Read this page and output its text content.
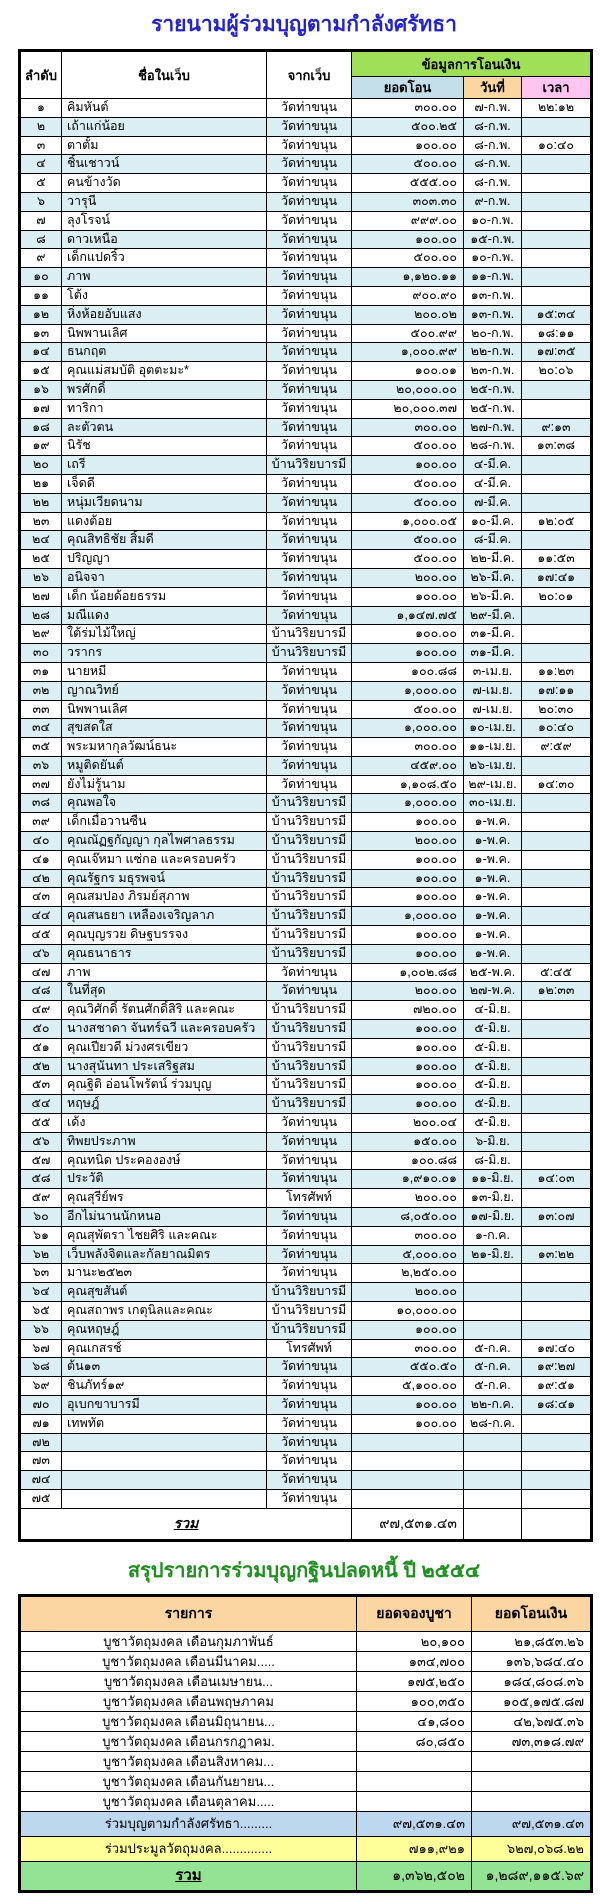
รายนามผู้ร่วมบุญตามกำลังศรัทธา
ลำดับ	ชื่อในเว็บ	จากเว็บ	ข้อมูลการโอนเงิน		
			ยอดโอน	วันที่	เวลา
๑	คิมหันต์	วัดท่าขนุน	๓๐๐.๐๐	๗-ก.พ.	๒๒:๑๒
๒	เถ้าแก่น้อย	วัดท่าขนุน	๕๐๐.๒๕	๘-ก.พ.	
๓	ตาตั้ม	วัดท่าขนุน	๑๐๐.๐๐	๘-ก.พ.	๑๐:๔๐
๔	ชิ้นเชาวน์	วัดท่าขนุน	๕๐๐.๐๐	๘-ก.พ.	
๕	คนข้างวัด	วัดท่าขนุน	๕๕๕.๐๐	๘-ก.พ.	
๖	วารุนี	วัดท่าขนุน	๓๐๓.๓๐	๙-ก.พ.	
๗	ลุงโรจน์	วัดท่าขนุน	๙๙๙.๐๐	๑๐-ก.พ.	
๘	ดาวเหนือ	วัดท่าขนุน	๑๐๐.๐๐	๑๕-ก.พ.	
๙	เด็กแปดริ้ว	วัดท่าขนุน	๕๐๐.๐๐	๑๐-ก.พ.	
๑๐	ภาพ	วัดท่าขนุน	๑,๑๒๐.๑๑	๑๑-ก.พ.	
๑๑	โต้ง	วัดท่าขนุน	๙๐๐.๙๐	๑๓-ก.พ.	
๑๒	หิ่งห้อยอับแสง	วัดท่าขนุน	๒๐๐.๐๒	๑๓-ก.พ.	๑๕:๓๔
๑๓	นิพพานเลิศ	วัดท่าขนุน	๕๐๐.๙๙	๒๐-ก.พ.	๑๘:๑๑
๑๔	ธนกฤต	วัดท่าขนุน	๑,๐๐๐.๙๙	๒๒-ก.พ.	๑๗:๓๕
๑๕	คุณแม่สมบัติ อุตตะมะ*	วัดท่าขนุน	๑๐๐.๐๑	๒๓-ก.พ.	๒๐:๐๖
๑๖	พรศักดิ์	วัดท่าขนุน	๒๐,๐๐๐.๐๐	๒๕-ก.พ.	
๑๗	ทาริกา	วัดท่าขนุน	๒๐,๐๐๐.๓๗	๒๕-ก.พ.	
๑๘	ละตัวตน	วัดท่าขนุน	๓๐๐.๐๐	๒๗-ก.พ.	๙:๑๓
๑๙	นิรัช	วัดท่าขนุน	๕๐๐.๐๐	๒๘-ก.พ.	๑๓:๓๘
๒๐	เถรี	บ้านวิริยบารมี	๑๐๐.๐๐	๔-มี.ค.	
๒๑	เจ็ดดี	วัดท่าขนุน	๕๐๐.๐๐	๔-มี.ค.	
๒๒	หนุ่มเวียดนาม	วัดท่าขนุน	๕๐๐.๐๐	๗-มี.ค.	
๒๓	แดงต้อย	วัดท่าขนุน	๑,๐๐๐.๐๕	๑๐-มี.ค.	๑๒:๐๕
๒๔	คุณสิทธิชัย สิ้มดี	วัดท่าขนุน	๕๐๐.๐๐	๘-มี.ค.	
๒๕	ปริญญา	วัดท่าขนุน	๕๐๐.๐๐	๒๒-มี.ค.	๑๑:๕๓
๒๖	อนิจจา	วัดท่าขนุน	๒๐๐.๐๐	๒๖-มี.ค.	๑๗:๔๑
๒๗	เด็ก น้อยด้อยธรรม	วัดท่าขนุน	๑๐๐.๐๐	๒๖-มี.ค.	๒๐:๐๑
๒๘	มณีแดง	วัดท่าขนุน	๑,๑๔๗.๗๕	๒๙-มี.ค.	
๒๙	ใต้ร่มไม้ใหญ่	บ้านวิริยบารมี	๑๐๐.๐๐	๓๑-มี.ค.	
๓๐	วรากร	บ้านวิริยบารมี	๑๐๐.๐๐	๓๑-มี.ค.	
๓๑	นายหมี	วัดท่าขนุน	๑๐๐.๘๘	๓-เม.ย.	๑๑:๒๓
๓๒	ญาณวิทย์	วัดท่าขนุน	๑,๐๐๐.๐๐	๗-เม.ย.	๑๗:๑๑
๓๓	นิพพานเลิศ	วัดท่าขนุน	๕๐๐.๐๐	๗-เม.ย.	๒๐:๓๐
๓๔	สุขสดใส	วัดท่าขนุน	๑,๐๐๐.๐๐	๑๐-เม.ย.	๑๐:๔๐
๓๕	พระมหากุลวัฒน์ธนะ	วัดท่าขนุน	๓๐๐.๐๐	๑๑-เม.ย.	๙:๕๙
๓๖	หมูติดยันต์	วัดท่าขนุน	๔๕๙.๐๐	๒๖-เม.ย.	
๓๗	ยังไม่รู้นาม	วัดท่าขนุน	๑,๑๐๘.๕๐	๒๙-เม.ย.	๑๔:๓๐
๓๘	คุณพอใจ	บ้านวิริยบารมี	๑,๐๐๐.๐๐	๓๐-เม.ย.	
๓๙	เด็กเมื่อวานซืน	บ้านวิริยบารมี	๑๐๐.๐๐	๑-พ.ค.	
๔๐	คุณณัฏฐกัญญา กุลไพศาลธรรม	บ้านวิริยบารมี	๒๐๐.๐๐	๑-พ.ค.	
๔๑	คุณเจ๊หมา แซ่กอ และครอบครัว	บ้านวิริยบารมี	๑๐๐.๐๐	๑-พ.ค.	
๔๒	คุณรัฐกร มธุรพจน์	บ้านวิริยบารมี	๑๐๐.๐๐	๑-พ.ค.	
๔๓	คุณสมปอง ภิรมย์สุภาพ	บ้านวิริยบารมี	๑๐๐.๐๐	๑-พ.ค.	
๔๔	คุณสนธยา เหลืองเจริญลาภ	บ้านวิริยบารมี	๑,๐๐๐.๐๐	๑-พ.ค.	
๔๕	คุณบุญรวย ดิษฐบรรจง	บ้านวิริยบารมี	๑๐๐.๐๐	๑-พ.ค.	
๔๖	คุณธนาธาร	บ้านวิริยบารมี	๑๐๐.๐๐	๑-พ.ค.	
๔๗	ภาพ	วัดท่าขนุน	๑,๐๐๒.๘๘	๒๕-พ.ค.	๕:๔๕
๔๘	ในที่สุด	วัดท่าขนุน	๒๐๐.๐๐	๒๗-พ.ค.	๑๒:๓๓
๔๙	คุณวิศักดิ์ รัตนศักดิ์สิริ และคณะ	บ้านวิริยบารมี	๗๒๐.๐๐	๔-มิ.ย.	
๕๐	นางสชาดา จันทร์ฉวี และครอบครัว	บ้านวิริยบารมี	๑๐๐.๐๐	๕-มิ.ย.	
๕๑	คุณเปียวดี ม่วงศรเขียว	บ้านวิริยบารมี	๑๐๐.๐๐	๕-มิ.ย.	
๕๒	นางสุนันทา ประเสริฐสม	บ้านวิริยบารมี	๑๐๐.๐๐	๕-มิ.ย.	
๕๓	คุณฐิติ อ่อนโพรัตน์ ร่วมบุญ	บ้านวิริยบารมี	๑๐๐.๐๐	๕-มิ.ย.	
๕๔	หฤษฎ์	บ้านวิริยบารมี	๑๐๐.๐๐	๕-มิ.ย.	
๕๕	เด้ง	วัดท่าขนุน	๒๐๐.๐๔	๕-มิ.ย.	
๕๖	ทิพยประภาพ	วัดท่าขนุน	๑๕๐.๐๐	๖-มิ.ย.	
๕๗	คุณทนิด ประคององษ์	วัดท่าขนุน	๑๐๐.๘๘	๘-มิ.ย.	
๕๘	ประวัติ	วัดท่าขนุน	๑,๙๑๐.๐๑	๑๑-มิ.ย.	๑๔:๐๓
๕๙	คุณสุรีย์พร	โทรศัพท์	๒๐๐.๐๐	๑๓-มิ.ย.	
๖๐	อีกไม่นานนักหนอ	วัดท่าขนุน	๘,๐๕๐.๐๐	๑๗-มิ.ย.	๑๓:๐๗
๖๑	คุณสุพัตรา ไชยศิริ และคณะ	วัดท่าขนุน	๓๐๐.๐๐	๑-ก.ค.	
๖๒	เว็บพลังจิตและกัลยาณมิตร	วัดท่าขนุน	๕,๐๐๐.๐๐	๒๑-มิ.ย.	๑๓:๒๒
๖๓	มานะ๒๕๒๓	วัดท่าขนุน	๒,๒๕๐.๐๐		
๖๔	คุณสุขสันต์	บ้านวิริยบารมี	๒๐๐.๐๐		
๖๕	คุณสถาพร เกตุนิลและคณะ	บ้านวิริยบารมี	๑๐,๐๐๐.๐๐		
๖๖	คุณหฤษฎ์	บ้านวิริยบารมี	๑๐๐.๐๐		
๖๗	คุณเกสรช์	โทรศัพท์	๓๐๐.๐๐	๕-ก.ค.	๑๗:๔๐
๖๘	ต้น๑๓	วัดท่าขนุน	๕๕๐.๕๐	๕-ก.ค.	๑๙:๒๗
๖๙	ชินภัทร์๑๙	วัดท่าขนุน	๕,๑๐๐.๐๐	๕-ก.ค.	๑๙:๕๑
๗๐	อุเบกขาบารมี	วัดท่าขนุน	๑๐๐.๐๐	๒๒-ก.ค.	๑๘:๔๑
๗๑	เทพทัต	วัดท่าขนุน	๑๐๐.๐๐	๒๘-ก.ค.	
๗๒		วัดท่าขนุน			
๗๓		วัดท่าขนุน			
๗๔		วัดท่าขนุน			
๗๕		วัดท่าขนุน			
รวม			๙๗,๕๓๑.๔๓		
สรุปรายการร่วมบุญกฐินปลดหนี้ ปี ๒๕๕๔
รายการ	ยอดจองบูชา	ยอดโอนเงิน
บูชาวัตถุมงคล เดือนกุมภาพันธ์	๒๐,๑๐๐	๒๑,๘๕๓.๒๖
บูชาวัตถุมงคล เดือนมีนาคม.....	๑๓๔,๗๐๐	๑๓๖,๖๘๔.๔๐
บูชาวัตถุมงคล เดือนเมษายน...	๑๗๕,๒๕๐	๑๘๔,๘๐๘.๓๖
บูชาวัตถุมงคล เดือนพฤษภาคม	๑๐๐,๓๕๐	๑๐๕,๑๗๕.๘๗
บูชาวัตถุมงคล เดือนมิถุนายน...	๔๑,๘๐๐	๔๒,๖๗๕.๓๖
บูชาวัตถุมงคล เดือนกรกฎาคม.	๘๐,๘๕๐	๗๓,๓๑๘.๗๙
บูชาวัตถุมงคล เดือนสิงหาคม...		
บูชาวัตถุมงคล เดือนกันยายน...		
บูชาวัตถุมงคล เดือนตุลาคม.....		
ร่วมบุญตามกำลังศรัทธา.........	๙๗,๕๓๑.๔๓	๙๗,๕๓๑.๔๓
ร่วมประมูลวัตถุมงคล..............	๗๑๑,๙๒๑	๖๒๗,๐๖๘.๒๒
รวม	๑,๓๖๒,๕๐๒	๑,๒๘๙,๑๑๕.๖๙
